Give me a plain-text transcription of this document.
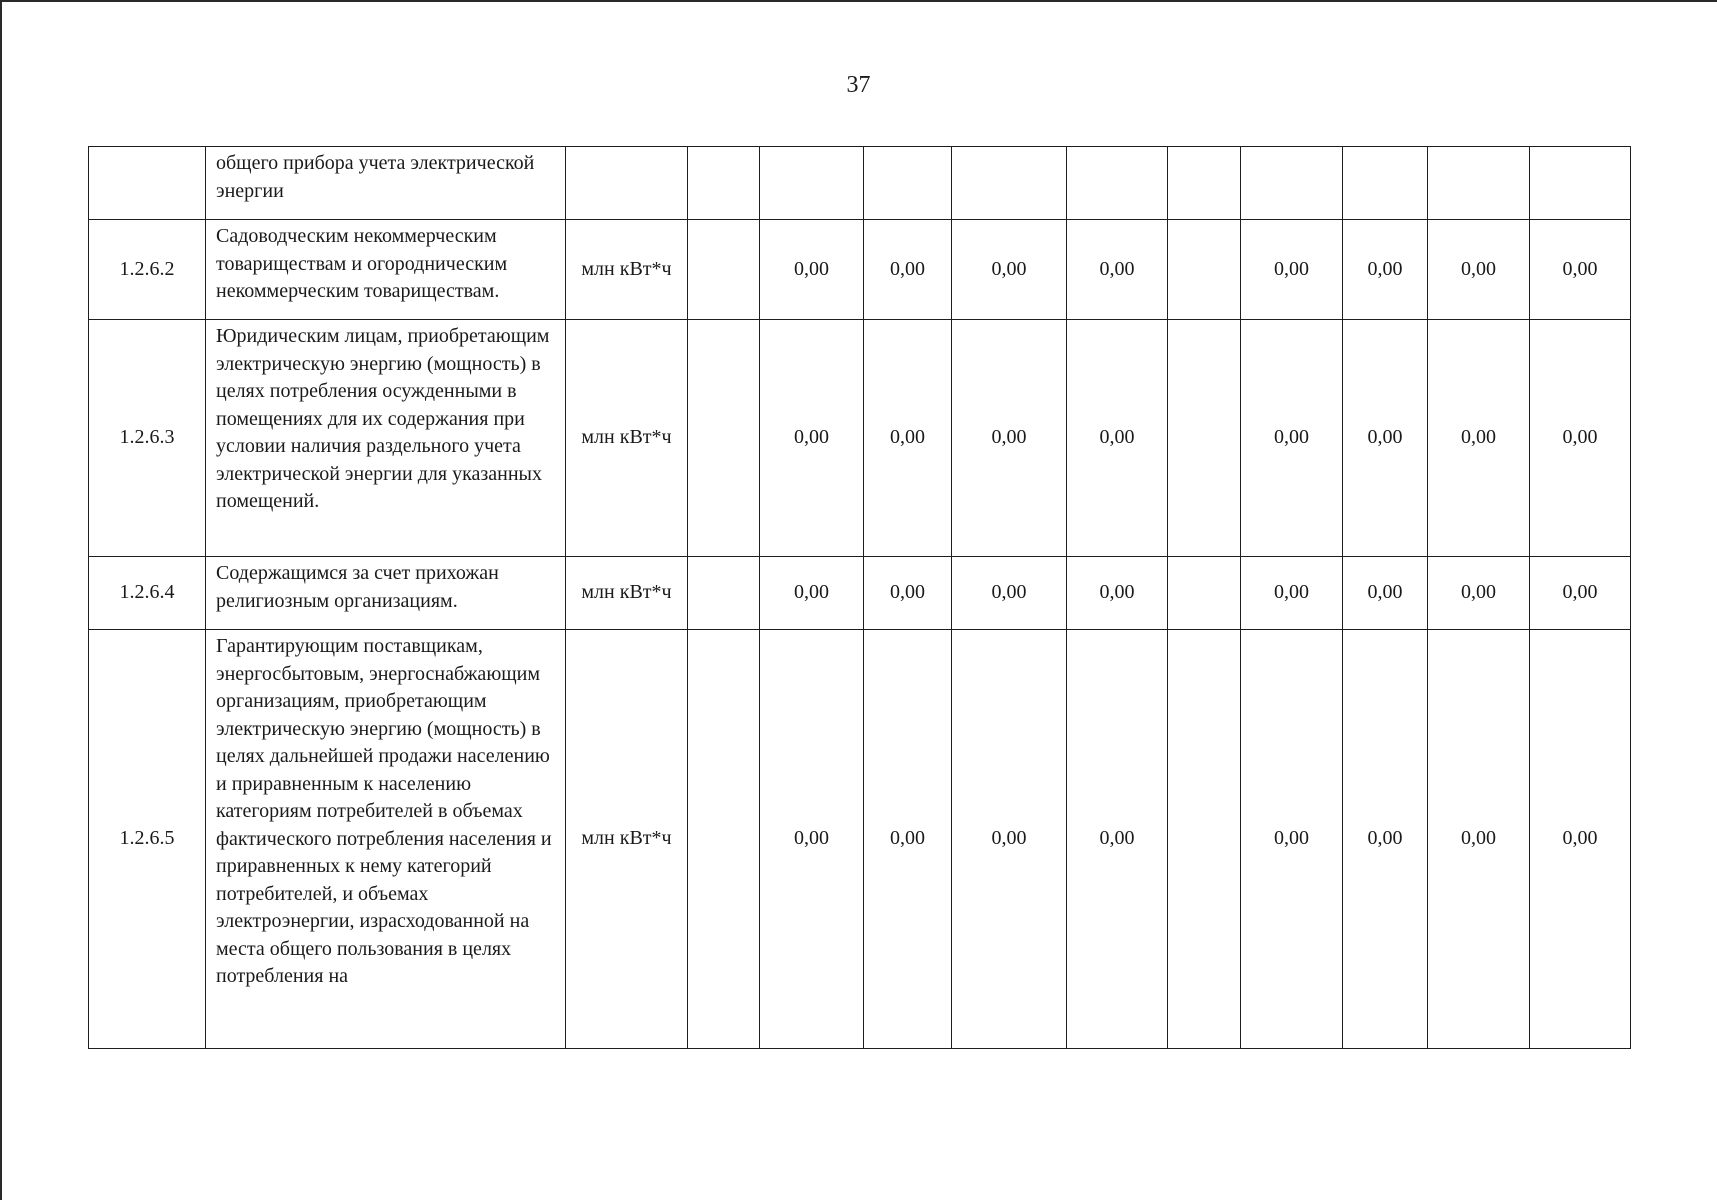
37
	общего прибора учета электрической энергии											
1.2.6.2	Садоводческим некоммерческим товариществам и огородническим некоммерческим товариществам.	млн кВт*ч		0,00	0,00	0,00	0,00		0,00	0,00	0,00	0,00
1.2.6.3	Юридическим лицам, приобретающим электрическую энергию (мощность) в целях потребления осужденными в помещениях для их содержания при условии наличия раздельного учета электрической энергии для указанных помещений.	млн кВт*ч		0,00	0,00	0,00	0,00		0,00	0,00	0,00	0,00
1.2.6.4	Содержащимся за счет прихожан религиозным организациям.	млн кВт*ч		0,00	0,00	0,00	0,00		0,00	0,00	0,00	0,00
1.2.6.5	Гарантирующим поставщикам, энергосбытовым, энергоснабжающим организациям, приобретающим электрическую энергию (мощность) в целях дальнейшей продажи населению и приравненным к населению категориям потребителей в объемах фактического потребления населения и приравненных к нему категорий потребителей, и объемах электроэнергии, израсходованной на места общего пользования в целях потребления на	млн кВт*ч		0,00	0,00	0,00	0,00		0,00	0,00	0,00	0,00
